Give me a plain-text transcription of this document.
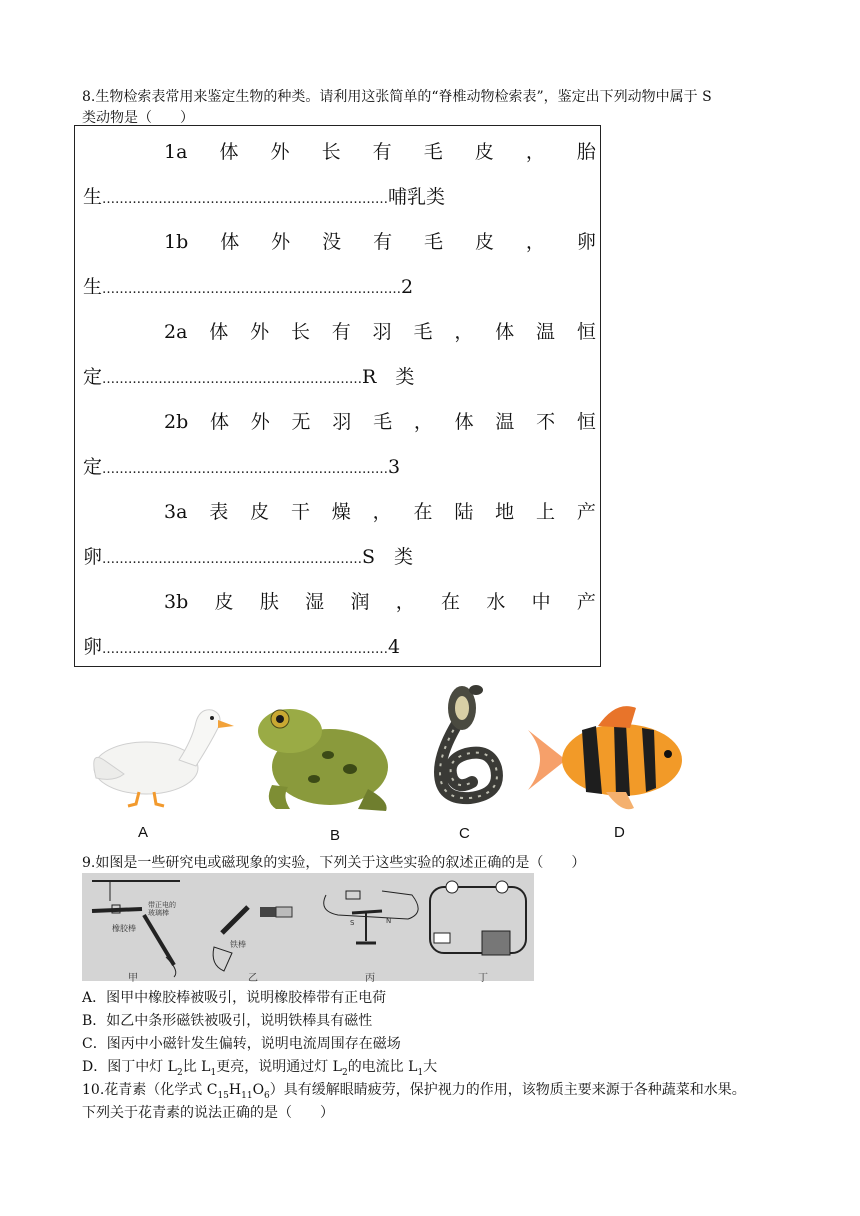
8.生物检索表常用来鉴定生物的种类。请利用这张简单的“脊椎动物检索表”，鉴定出下列动物中属于 S
类动物是（　　）
1a 体 外 长 有 毛 皮 ， 胎
生…………………………………………………………哺乳类
1b 体 外 没 有 毛 皮 ， 卵
生……………………………………………………………2
2a 体 外 长 有 羽 毛 ， 体 温 恒
定……………………………………………………R　类
2b 体 外 无 羽 毛 ， 体 温 不 恒
定…………………………………………………………3
3a 表 皮 干 燥 ， 在 陆 地 上 产
卵……………………………………………………S　类
3b 皮 肤 湿 润 ， 在 水 中 产
卵…………………………………………………………4
A	B	C	D
9.如图是一些研究电或磁现象的实验，下列关于这些实验的叙述正确的是（　　）
甲	乙	丙	丁
橡胶棒
带正电的玻璃棒
铁棒
S	N
A．图甲中橡胶棒被吸引，说明橡胶棒带有正电荷
B．如乙中条形磁铁被吸引，说明铁棒具有磁性
C．图丙中小磁针发生偏转，说明电流周围存在磁场
D．图丁中灯 $L_2$比 $L_1$更亮，说明通过灯 $L_2$的电流比 $L_1$大
10.花青素（化学式 $C_{15}H_{11}O_6$）具有缓解眼睛疲劳，保护视力的作用，该物质主要来源于各种蔬菜和水果。
下列关于花青素的说法正确的是（　　）
